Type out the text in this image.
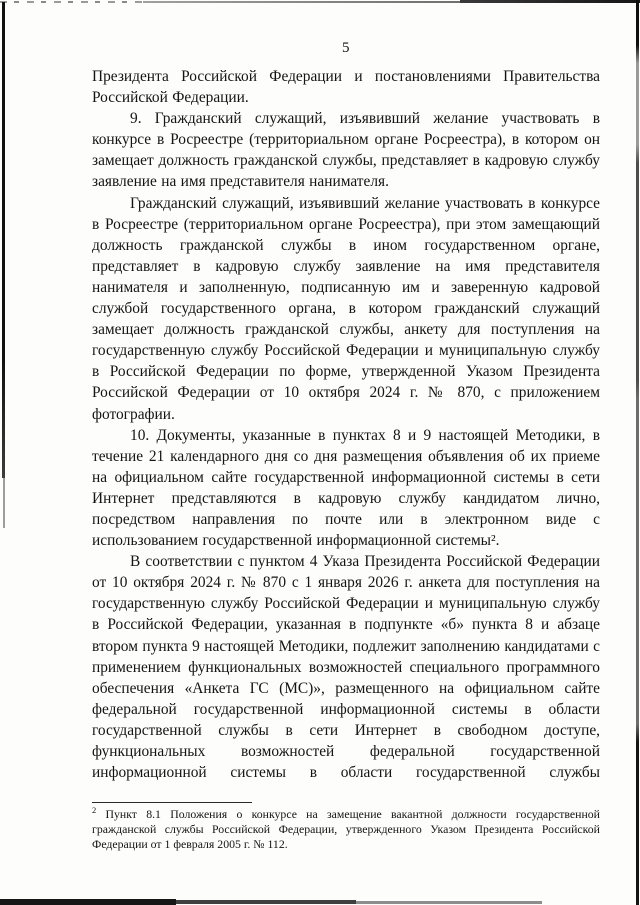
5

Президента Российской Федерации и постановлениями Правительства Российской Федерации.

9. Гражданский служащий, изъявивший желание участвовать в конкурсе в Росреестре (территориальном органе Росреестра), в котором он замещает должность гражданской службы, представляет в кадровую службу заявление на имя представителя нанимателя.

Гражданский служащий, изъявивший желание участвовать в конкурсе в Росреестре (территориальном органе Росреестра), при этом замещающий должность гражданской службы в ином государственном органе, представляет в кадровую службу заявление на имя представителя нанимателя и заполненную, подписанную им и заверенную кадровой службой государственного органа, в котором гражданский служащий замещает должность гражданской службы, анкету для поступления на государственную службу Российской Федерации и муниципальную службу в Российской Федерации по форме, утвержденной Указом Президента Российской Федерации от 10 октября 2024 г. № 870, с приложением фотографии.

10. Документы, указанные в пунктах 8 и 9 настоящей Методики, в течение 21 календарного дня со дня размещения объявления об их приеме на официальном сайте государственной информационной системы в сети Интернет представляются в кадровую службу кандидатом лично, посредством направления по почте или в электронном виде с использованием государственной информационной системы².

В соответствии с пунктом 4 Указа Президента Российской Федерации от 10 октября 2024 г. № 870 с 1 января 2026 г. анкета для поступления на государственную службу Российской Федерации и муниципальную службу в Российской Федерации, указанная в подпункте «б» пункта 8 и абзаце втором пункта 9 настоящей Методики, подлежит заполнению кандидатами с применением функциональных возможностей специального программного обеспечения «Анкета ГС (МС)», размещенного на официальном сайте федеральной государственной информационной системы в области государственной службы в сети Интернет в свободном доступе, функциональных возможностей федеральной государственной информационной системы в области государственной службы

$^2$ Пункт 8.1 Положения о конкурсе на замещение вакантной должности государственной гражданской службы Российской Федерации, утвержденного Указом Президента Российской Федерации от 1 февраля 2005 г. № 112.
